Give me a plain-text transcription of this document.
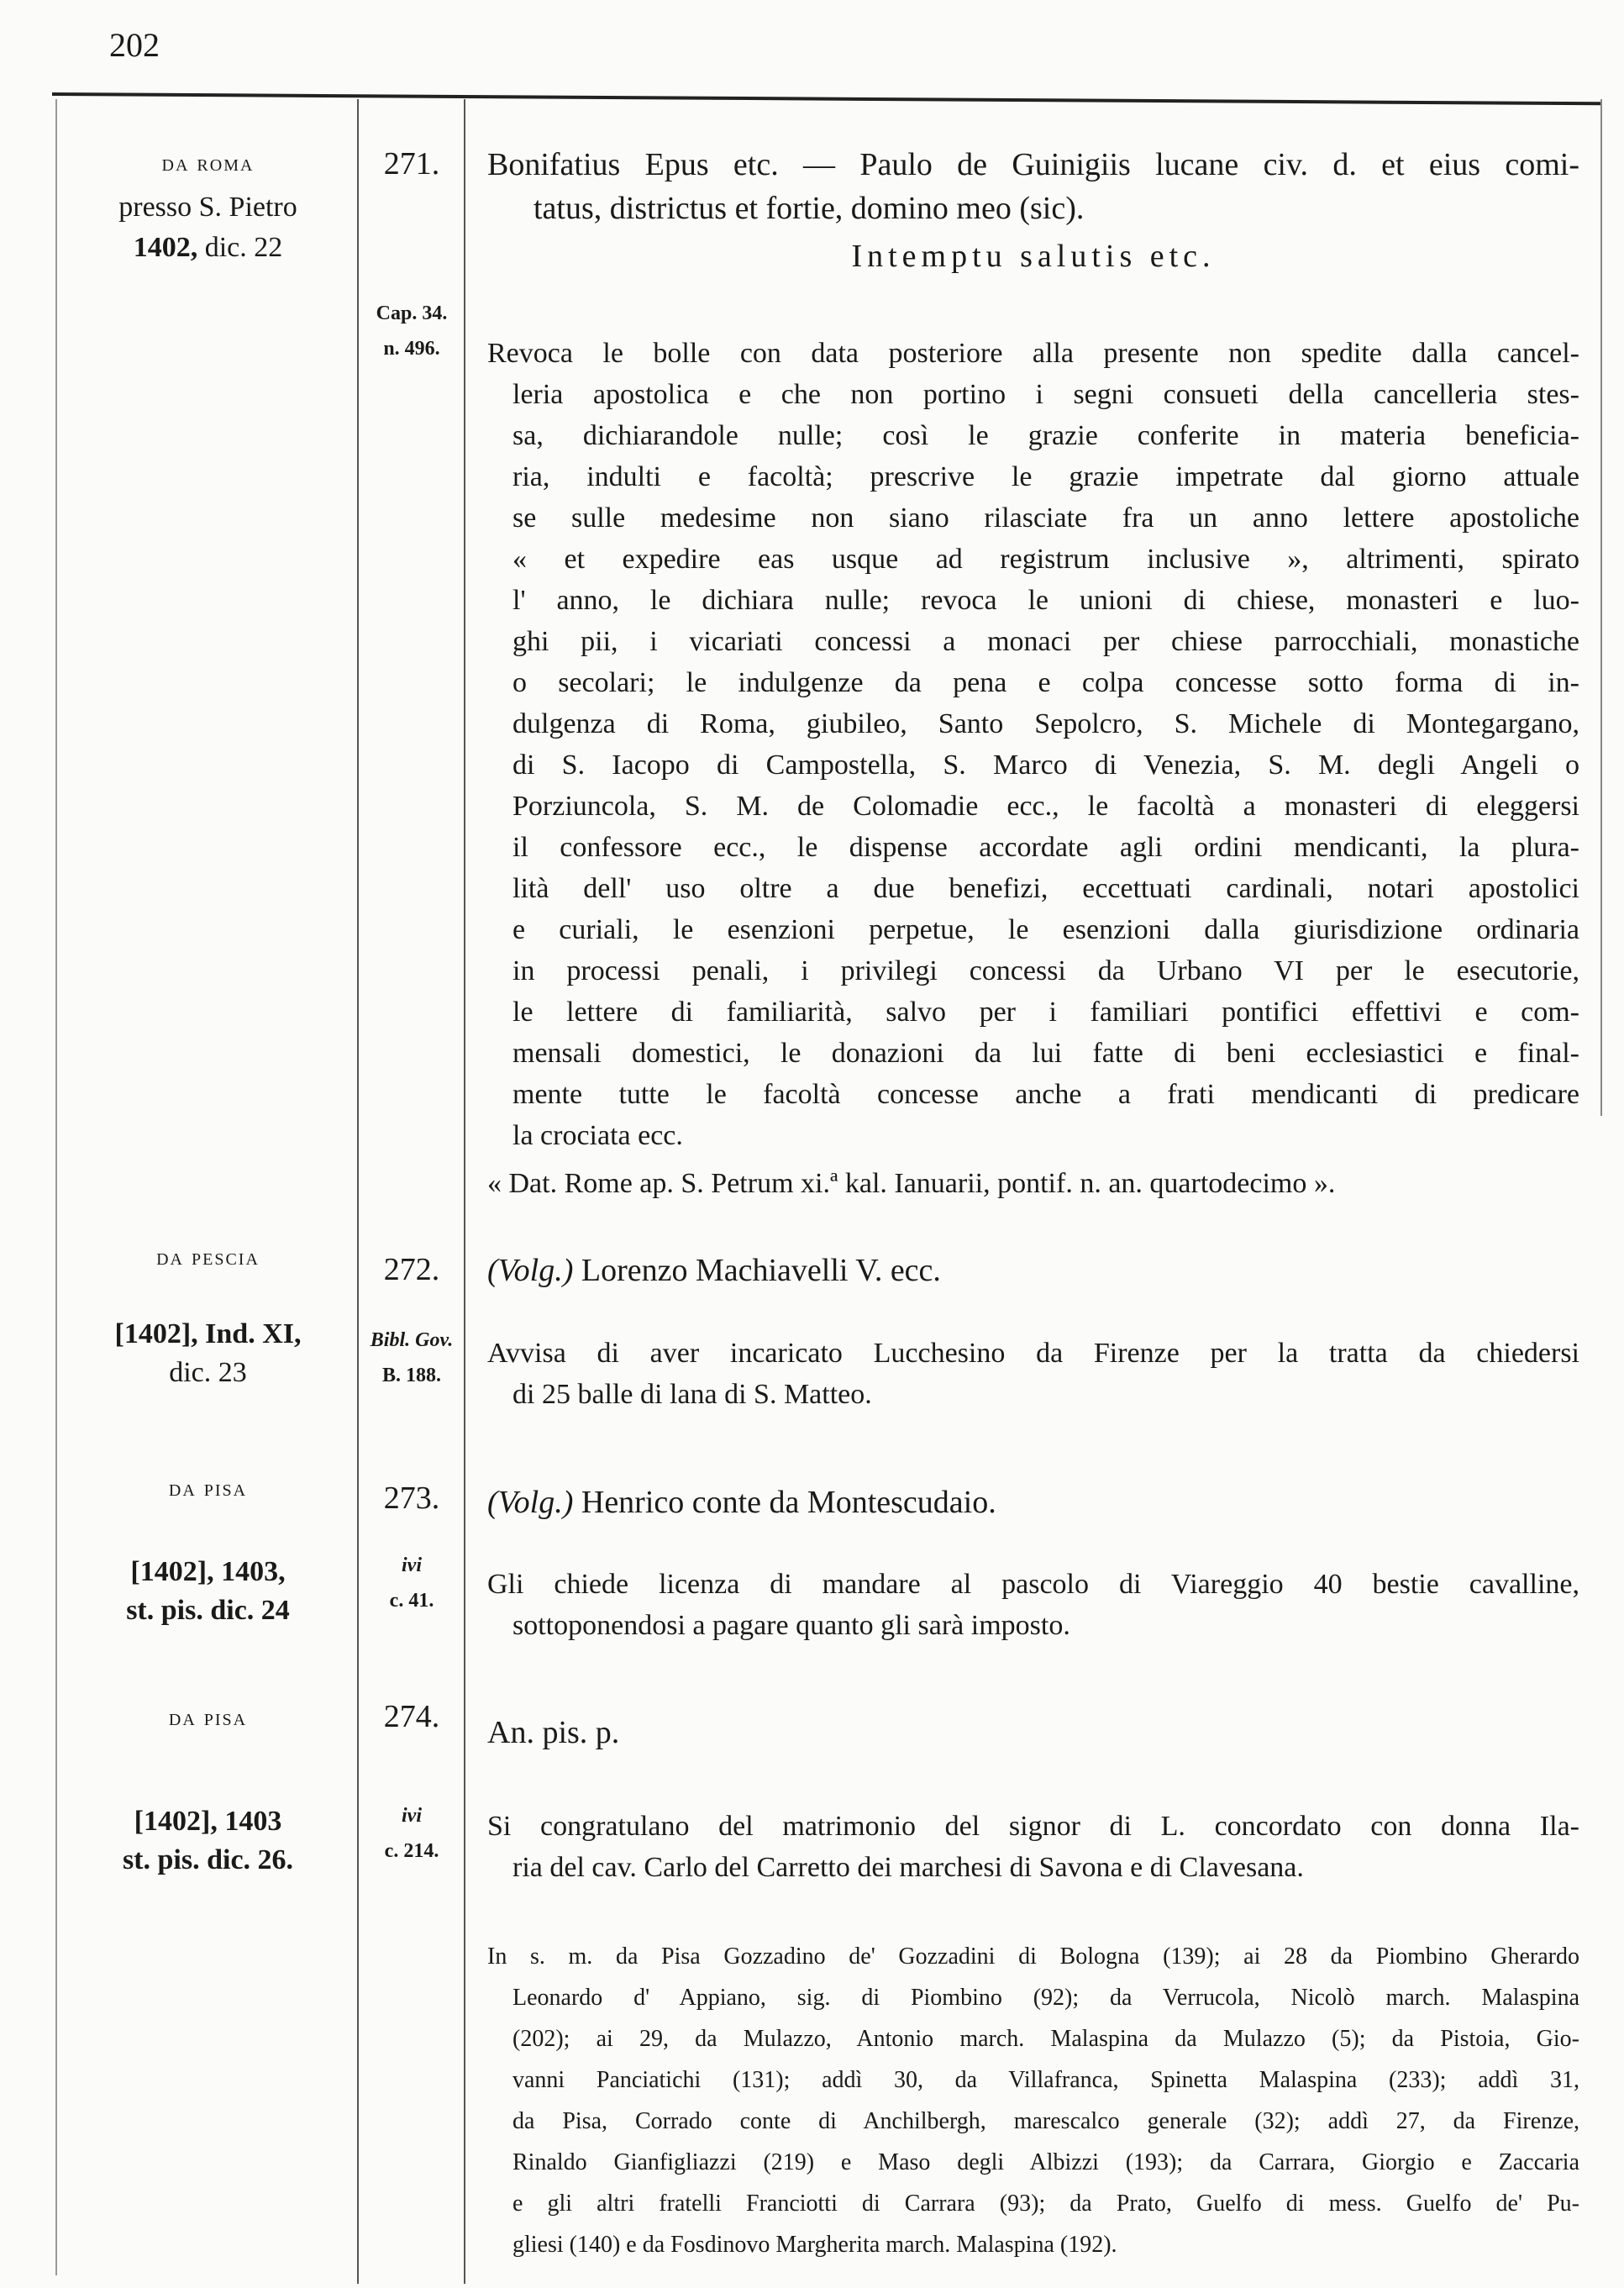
202
da roma
presso S. Pietro
1402, dic. 22
271.
Cap. 34.
n. 496.
Bonifatius Epus etc. — Paulo de Guinigiis lucane civ. d. et eius comi-
tatus, districtus et fortie, domino meo (sic).
Intemptu salutis etc.
Revoca le bolle con data posteriore alla presente non spedite dalla cancel-
leria apostolica e che non portino i segni consueti della cancelleria stes-
sa, dichiarandole nulle; così le grazie conferite in materia beneficia-
ria, indulti e facoltà; prescrive le grazie impetrate dal giorno attuale
se sulle medesime non siano rilasciate fra un anno lettere apostoliche
« et expedire eas usque ad registrum inclusive », altrimenti, spirato
l' anno, le dichiara nulle; revoca le unioni di chiese, monasteri e luo-
ghi pii, i vicariati concessi a monaci per chiese parrocchiali, monastiche
o secolari; le indulgenze da pena e colpa concesse sotto forma di in-
dulgenza di Roma, giubileo, Santo Sepolcro, S. Michele di Montegargano,
di S. Iacopo di Campostella, S. Marco di Venezia, S. M. degli Angeli o
Porziuncola, S. M. de Colomadie ecc., le facoltà a monasteri di eleggersi
il confessore ecc., le dispense accordate agli ordini mendicanti, la plura-
lità dell' uso oltre a due benefizi, eccettuati cardinali, notari apostolici
e curiali, le esenzioni perpetue, le esenzioni dalla giurisdizione ordinaria
in processi penali, i privilegi concessi da Urbano VI per le esecutorie,
le lettere di familiarità, salvo per i familiari pontifici effettivi e com-
mensali domestici, le donazioni da lui fatte di beni ecclesiastici e final-
mente tutte le facoltà concesse anche a frati mendicanti di predicare
la crociata ecc.
« Dat. Rome ap. S. Petrum xi.ª kal. Ianuarii, pontif. n. an. quartodecimo ».
da pescia
[1402], Ind. XI,
dic. 23
272.
Bibl. Gov.
B. 188.
(Volg.) Lorenzo Machiavelli V. ecc.
Avvisa di aver incaricato Lucchesino da Firenze per la tratta da chiedersi
di 25 balle di lana di S. Matteo.
da pisa
[1402], 1403,
st. pis. dic. 24
273.
ivi
c. 41.
(Volg.) Henrico conte da Montescudaio.
Gli chiede licenza di mandare al pascolo di Viareggio 40 bestie cavalline,
sottoponendosi a pagare quanto gli sarà imposto.
da pisa
[1402], 1403
st. pis. dic. 26.
274.
ivi
c. 214.
An. pis. p.
Si congratulano del matrimonio del signor di L. concordato con donna Ila-
ria del cav. Carlo del Carretto dei marchesi di Savona e di Clavesana.
In s. m. da Pisa Gozzadino de' Gozzadini di Bologna (139); ai 28 da Piombino Gherardo
Leonardo d' Appiano, sig. di Piombino (92); da Verrucola, Nicolò march. Malaspina
(202); ai 29, da Mulazzo, Antonio march. Malaspina da Mulazzo (5); da Pistoia, Gio-
vanni Panciatichi (131); addì 30, da Villafranca, Spinetta Malaspina (233); addì 31,
da Pisa, Corrado conte di Anchilbergh, marescalco generale (32); addì 27, da Firenze,
Rinaldo Gianfigliazzi (219) e Maso degli Albizzi (193); da Carrara, Giorgio e Zaccaria
e gli altri fratelli Franciotti di Carrara (93); da Prato, Guelfo di mess. Guelfo de' Pu-
gliesi (140) e da Fosdinovo Margherita march. Malaspina (192).
